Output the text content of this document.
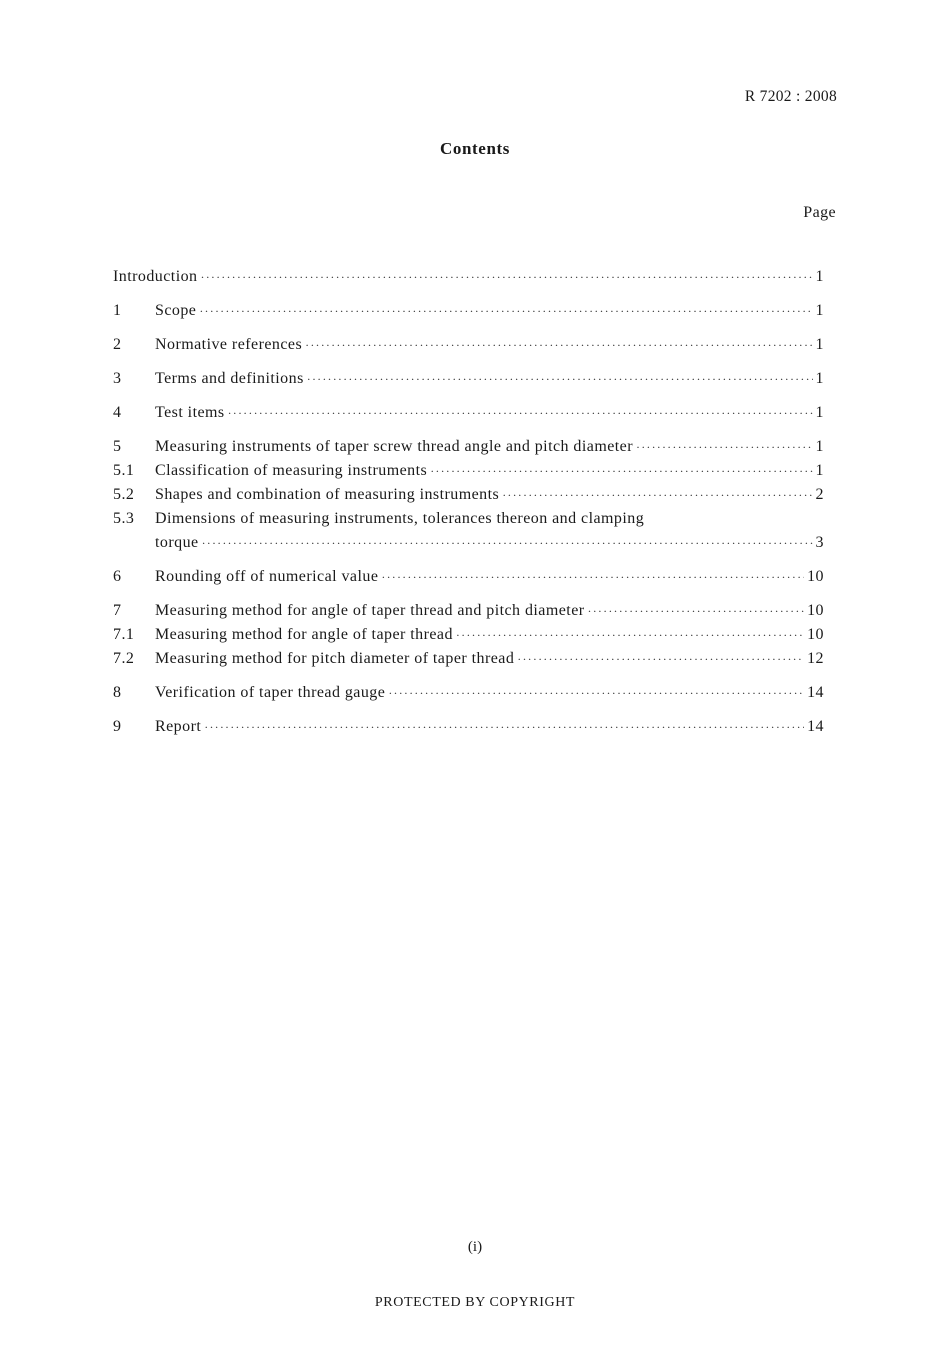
R 7202 : 2008
Contents
Page
Introduction ·····	1
1	Scope ·····	1
2	Normative references ·····	1
3	Terms and definitions ·····	1
4	Test items ·····	1
5	Measuring instruments of taper screw thread angle and pitch diameter ·····	1
5.1	Classification of measuring instruments ·····	1
5.2	Shapes and combination of measuring instruments ·····	2
5.3	Dimensions of measuring instruments, tolerances thereon and clamping
torque ·····	3
6	Rounding off of numerical value ·····	10
7	Measuring method for angle of taper thread and pitch diameter ·····	10
7.1	Measuring method for angle of taper thread ·····	10
7.2	Measuring method for pitch diameter of taper thread ·····	12
8	Verification of taper thread gauge ·····	14
9	Report ·····	14
(i)
PROTECTED BY COPYRIGHT
